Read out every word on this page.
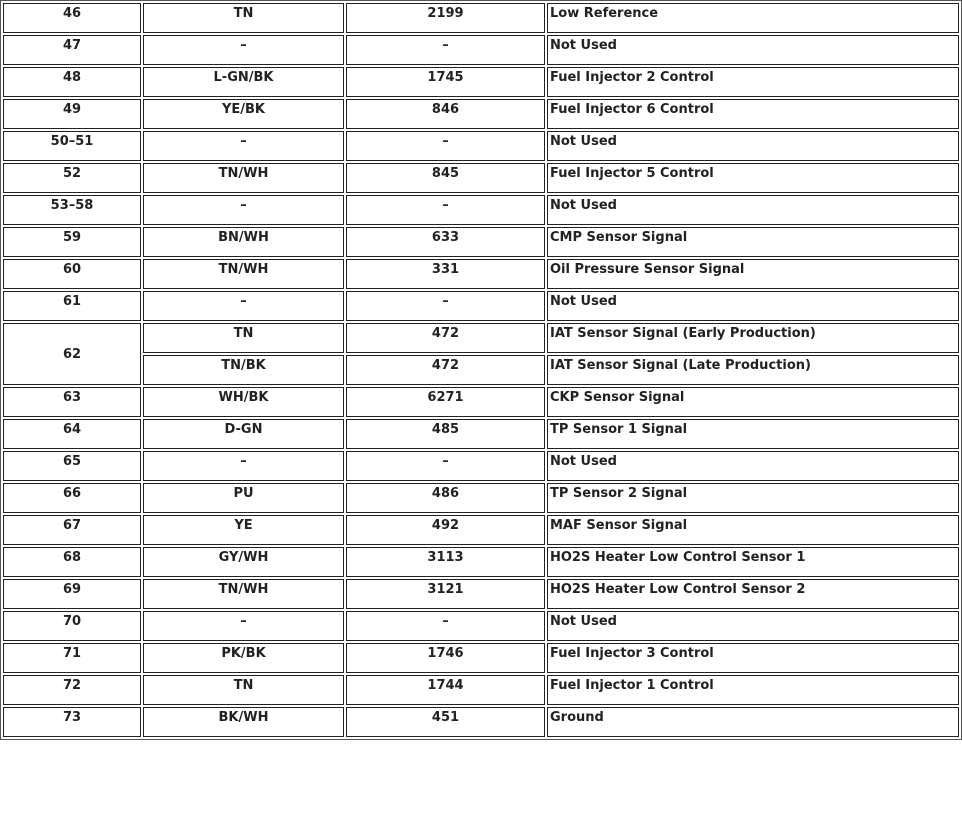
46	TN	2199	Low Reference
47	–	–	Not Used
48	L-GN/BK	1745	Fuel Injector 2 Control
49	YE/BK	846	Fuel Injector 6 Control
50–51	–	–	Not Used
52	TN/WH	845	Fuel Injector 5 Control
53–58	–	–	Not Used
59	BN/WH	633	CMP Sensor Signal
60	TN/WH	331	Oil Pressure Sensor Signal
61	–	–	Not Used
62	TN	472	IAT Sensor Signal (Early Production)
	TN/BK	472	IAT Sensor Signal (Late Production)
63	WH/BK	6271	CKP Sensor Signal
64	D-GN	485	TP Sensor 1 Signal
65	–	–	Not Used
66	PU	486	TP Sensor 2 Signal
67	YE	492	MAF Sensor Signal
68	GY/WH	3113	HO2S Heater Low Control Sensor 1
69	TN/WH	3121	HO2S Heater Low Control Sensor 2
70	–	–	Not Used
71	PK/BK	1746	Fuel Injector 3 Control
72	TN	1744	Fuel Injector 1 Control
73	BK/WH	451	Ground
